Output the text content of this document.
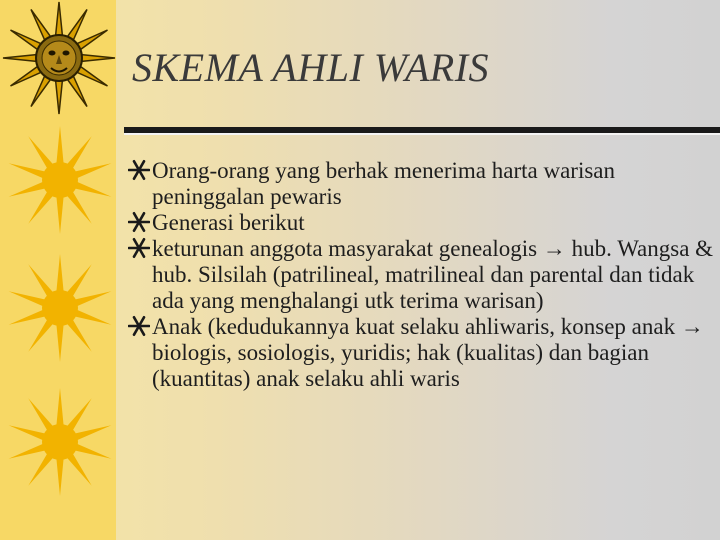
SKEMA AHLI WARIS
Orang-orang yang berhak menerima harta warisan peninggalan pewaris
Generasi berikut
keturunan anggota masyarakat genealogis → hub. Wangsa & hub. Silsilah (patrilineal, matrilineal dan parental dan tidak ada yang menghalangi utk terima warisan)
Anak (kedudukannya kuat selaku ahliwaris, konsep anak → biologis, sosiologis, yuridis; hak (kualitas) dan bagian (kuantitas) anak selaku ahli waris
